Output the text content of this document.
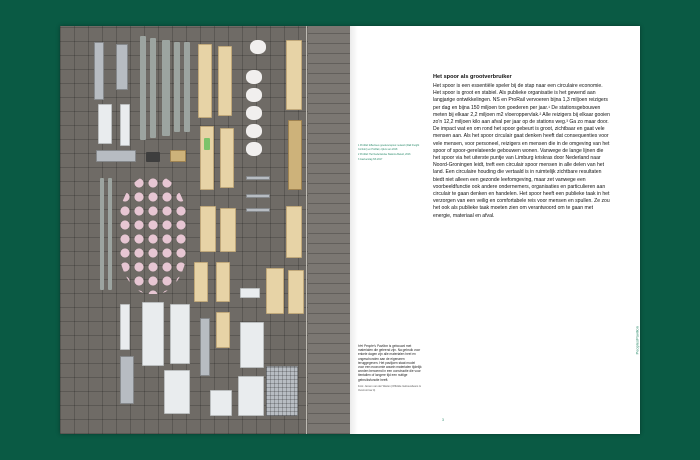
1 ProRail: Effectieve goederenspoor-netwerk (Rail Freight Corridor) en ProRail, cijfers van 2018

2 ProRail: Het Nederlandse Stations-Beleid, 2016

3 Jaarverslag NS 2017

Het People's Pavilion is gebouwd met materialen die geleend zijn. Na gebruik voor enkele dagen zijn alle materialen heel en ongeschonden aan de eigenaren teruggegeven. Het paviljoen staat model voor een economie waarin materialen tijdelijk worden benoemd in een constructie die voor tientallen of langere tijd een nuttige gebruiksfunctie heeft.
Foto: Jeroen van der Wielen (Officiële Gebouwbeurs & Overmorrow 4)
Het spoor als grootverbruiker

Het spoor is een essentiële speler bij de stap naar een circulaire economie. Het spoor is groot en stabiel. Als publieke organisatie is het gewend aan langjarige ontwikkelingen. NS en ProRail vervoeren bijna 1,3 miljoen reizigers per dag en bijna 150 miljoen ton goederen per jaar.¹ De stationsgebouwen meten bij elkaar 2,2 miljoen m2 vloeroppervlak.² Alle reizigers bij elkaar gooien zo'n 12,2 miljoen kilo aan afval per jaar op de stations weg.³ Ga zo maar door. De impact wat en om rond het spoor gebeurt is groot, zichtbaar en gaat vele mensen aan. Als het spoor circulair gaat denken heeft dat consequenties voor vele mensen, voor personeel, reizigers en mensen die in de omgeving van het spoor of spoor-gerelateerde gebouwen wonen. Vanwege de lange lijnen die het spoor via het uiterste puntje van Limburg kriskras door Nederland naar Noord-Groningen leidt, treft een circulair spoor mensen in alle delen van het land. Een circulaire houding die vertaald is in ruimtelijk zichtbare resultaten biedt niet alleen een gezonde leefomgeving, maar zet vanwege een voorbeeldfunctie ook andere ondernemers, organisaties en particulieren aan circulair te gaan denken en handelen. Het spoor heeft een publieke taak in het verzorgen van een veilig en comfortabele reis voor mensen en spullen. Ze zou het ook als publieke taak moeten zien om verantwoord om te gaan met energie, materiaal en afval.

3
PeoplesPavilion
